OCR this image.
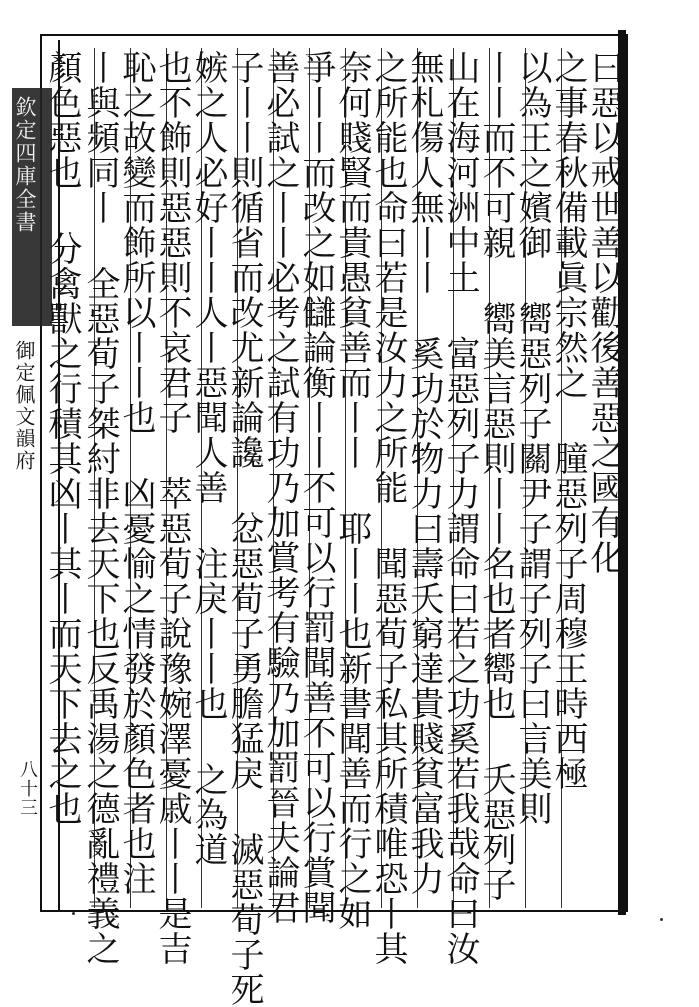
欽定四庫全書
御定佩文韻府
八十三
曰惡以戒世善以勸後善惡之國有化
之事春秋備載眞宗然之 朣惡列子周穆王時西極
以為王之嬪御 嚮惡列子關尹子謂子列子曰言美則
丨丨而不可親 嚮美言惡則丨丨名也者嚮也 夭惡列子
山在海河洲中土 富惡列子力謂命曰若之功奚若我哉命曰汝
無札傷人無丨丨 奚功於物力曰壽夭窮達貴賤貧富我力
之所能也命曰若是汝力之所能 聞惡荀子私其所積唯恐丨其
奈何賤賢而貴愚貧善而丨丨 耶丨丨也新書聞善而行之如
爭丨丨而改之如讎論衡丨丨不可以行罰聞善不可以行賞聞
善必試之丨丨必考之試有功乃加賞考有驗乃加罰晉夫論君
子丨丨則循省而改尤新論讒 忿惡荀子勇膽猛戾 滅惡荀子死
嫉之人必好丨丨人丨惡聞人善 注戾丨丨也 之為道
也不飾則惡惡則不哀君子 萃惡荀子說豫婉澤憂戚丨丨是吉
恥之故變而飾所以丨丨也 凶憂愉之情發於顏色者也注
丨與頻同丨 全惡荀子桀紂非去天下也反禹湯之德亂禮義之
顏色惡也 分禽獸之行積其凶丨其丨而天下去之也
